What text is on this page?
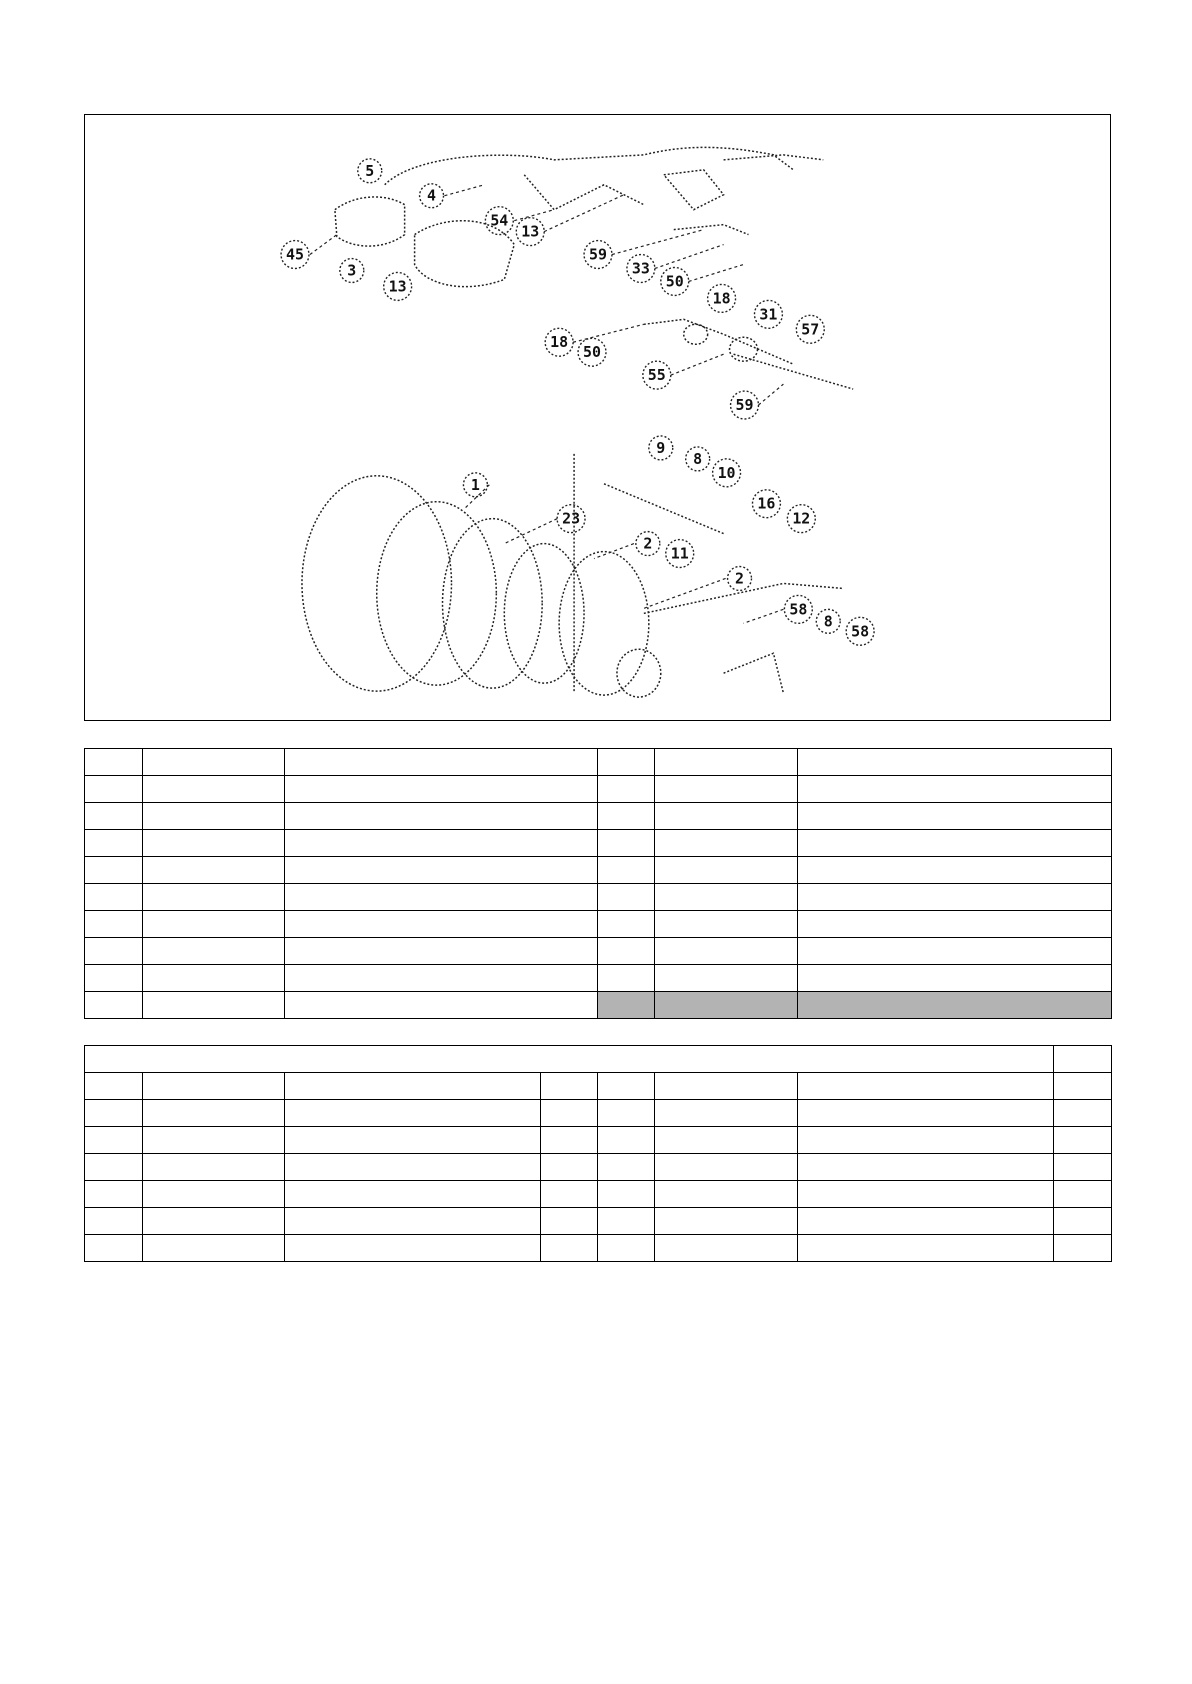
5
4
45
3
13
54
13
59
33
50
18
31
57
18
50
55
59
9
8
10
1
23
16
12
2
11
2
58
8
58
